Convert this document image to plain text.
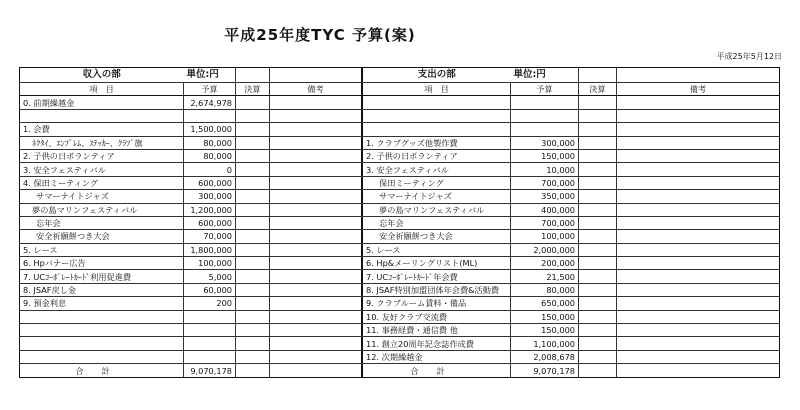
平成25年度TYC 予算(案)
平成25年5月12日
収入の部	単位:円		
項　目	予算	決算	備考
0. 前期繰越金	2,674,978		

1. 会費	1,500,000		
ﾈｸﾀｲ、ｴﾝﾌﾞﾚﾑ、ｽﾃｯｶｰ、ｸﾗﾌﾞ旗	80,000		
2. 子供の日ボランティア	80,000		
3. 安全フェスティバル	0		
4. 保田ミーティング	600,000		
サマーナイトジャズ	300,000		
夢の島マリンフェスティバル	1,200,000		
忘年会	600,000		
安全祈願餅つき大会	70,000		
5. レース	1,800,000		
6. Hpバナー広告	100,000		
7. UCｺｰﾎﾟﾚｰﾄｶｰﾄﾞ利用促進費	5,000		
8. JSAF戻し金	60,000		
9. 預金利息	200		

合計	9,070,178		
支出の部	単位:円		
項　目	予算	決算	備考

1. クラブグッズ他製作費	300,000		
2. 子供の日ボランティア	150,000		
3. 安全フェスティバル	10,000		
保田ミーティング	700,000		
サマーナイトジャズ	350,000		
夢の島マリンフェスティバル	400,000		
忘年会	700,000		
安全祈願餅つき大会	100,000		
5. レース	2,000,000		
6. Hp&メーリングリスト(ML)	200,000		
7. UCｺｰﾎﾟﾚｰﾄｶｰﾄﾞ年会費	21,500		
8. JSAF特別加盟団体年会費&活動費	80,000		
9. クラブルーム賃料・備品	650,000		
10. 友好クラブ交流費	150,000		
11. 事務経費・通信費 他	150,000		
11. 創立20周年記念誌作成費	1,100,000		
12. 次期繰越金	2,008,678		
合計	9,070,178		
